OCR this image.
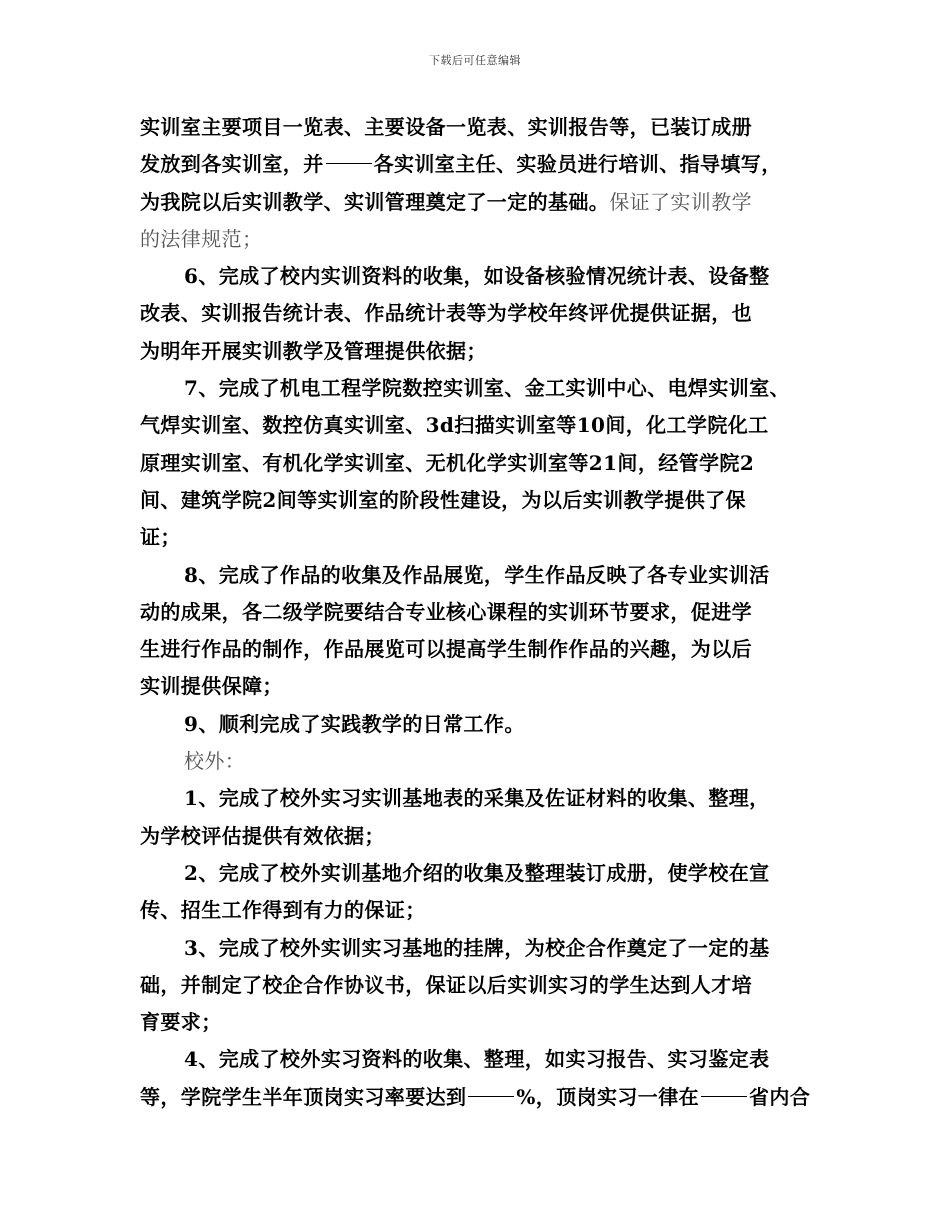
下载后可任意编辑
实训室主要项目一览表、主要设备一览表、实训报告等，已装订成册
发放到各实训室，并	各实训室主任、实验员进行培训、指导填写，
为我院以后实训教学、实训管理奠定了一定的基础。保证了实训教学
的法律规范；
6、完成了校内实训资料的收集，如设备核验情况统计表、设备整
改表、实训报告统计表、作品统计表等为学校年终评优提供证据，也
为明年开展实训教学及管理提供依据；
7、完成了机电工程学院数控实训室、金工实训中心、电焊实训室、
气焊实训室、数控仿真实训室、3d扫描实训室等10间，化工学院化工
原理实训室、有机化学实训室、无机化学实训室等21间，经管学院2
间、建筑学院2间等实训室的阶段性建设，为以后实训教学提供了保
证；
8、完成了作品的收集及作品展览，学生作品反映了各专业实训活
动的成果，各二级学院要结合专业核心课程的实训环节要求，促进学
生进行作品的制作，作品展览可以提高学生制作作品的兴趣，为以后
实训提供保障；
9、顺利完成了实践教学的日常工作。
校外：
1、完成了校外实习实训基地表的采集及佐证材料的收集、整理，
为学校评估提供有效依据；
2、完成了校外实训基地介绍的收集及整理装订成册，使学校在宣
传、招生工作得到有力的保证；
3、完成了校外实训实习基地的挂牌，为校企合作奠定了一定的基
础，并制定了校企合作协议书，保证以后实训实习的学生达到人才培
育要求；
4、完成了校外实习资料的收集、整理，如实习报告、实习鉴定表
等，学院学生半年顶岗实习率要达到	%，顶岗实习一律在	省内合
